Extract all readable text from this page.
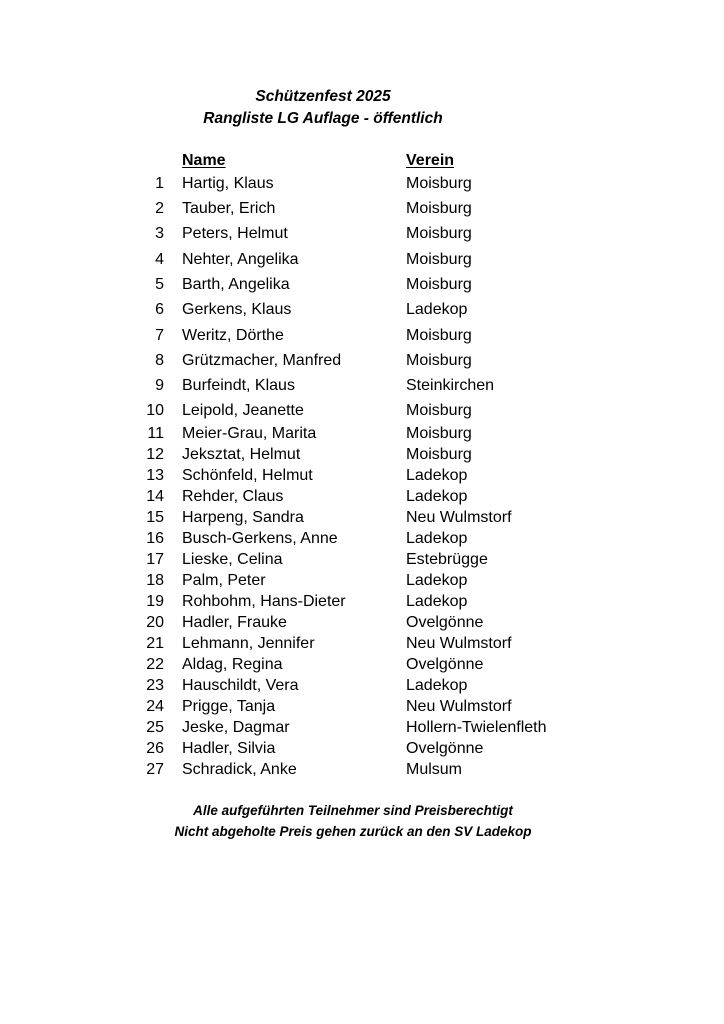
Schützenfest 2025
Rangliste LG Auflage - öffentlich
Name	Verein
1 Hartig, Klaus	Moisburg
2 Tauber, Erich	Moisburg
3 Peters, Helmut	Moisburg
4 Nehter, Angelika	Moisburg
5 Barth, Angelika	Moisburg
6 Gerkens, Klaus	Ladekop
7 Weritz, Dörthe	Moisburg
8 Grützmacher, Manfred	Moisburg
9 Burfeindt, Klaus	Steinkirchen
10 Leipold, Jeanette	Moisburg
11 Meier-Grau, Marita	Moisburg
12 Jeksztat, Helmut	Moisburg
13 Schönfeld, Helmut	Ladekop
14 Rehder, Claus	Ladekop
15 Harpeng, Sandra	Neu Wulmstorf
16 Busch-Gerkens, Anne	Ladekop
17 Lieske, Celina	Estebrügge
18 Palm, Peter	Ladekop
19 Rohbohm, Hans-Dieter	Ladekop
20 Hadler, Frauke	Ovelgönne
21 Lehmann, Jennifer	Neu Wulmstorf
22 Aldag, Regina	Ovelgönne
23 Hauschildt, Vera	Ladekop
24 Prigge, Tanja	Neu Wulmstorf
25 Jeske, Dagmar	Hollern-Twielenfleth
26 Hadler, Silvia	Ovelgönne
27 Schradick, Anke	Mulsum
Alle aufgeführten Teilnehmer sind Preisberechtigt
Nicht abgeholte Preis gehen zurück an den SV Ladekop
